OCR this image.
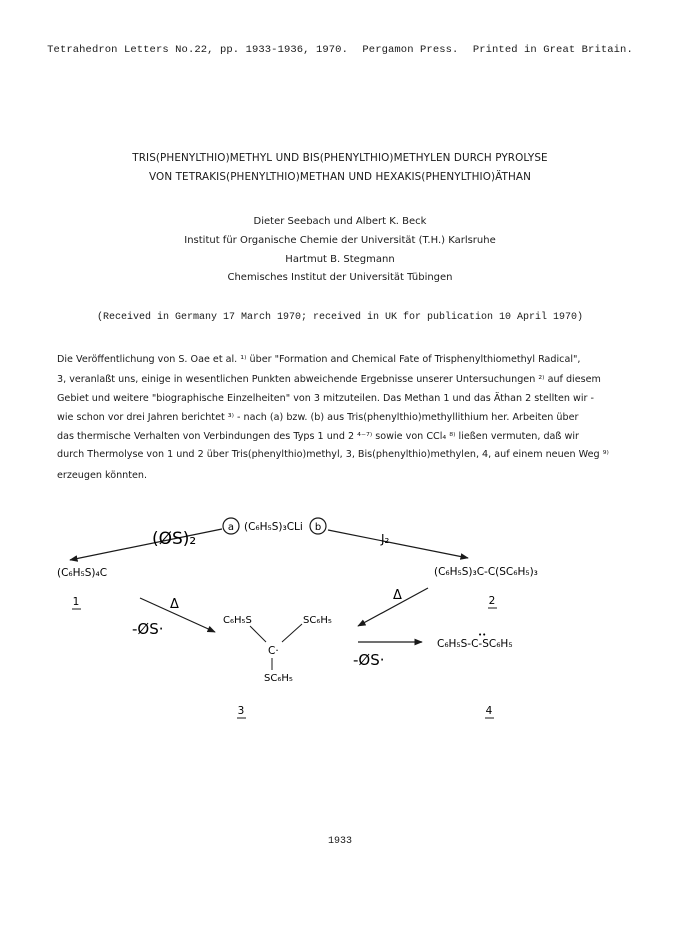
Tetrahedron Letters No.22, pp. 1933-1936, 1970. Pergamon Press. Printed in Great Britain.
TRIS(PHENYLTHIO)METHYL UND BIS(PHENYLTHIO)METHYLEN DURCH PYROLYSE
VON TETRAKIS(PHENYLTHIO)METHAN UND HEXAKIS(PHENYLTHIO)ÄTHAN
Dieter Seebach und Albert K. Beck
Institut für Organische Chemie der Universität (T.H.) Karlsruhe
Hartmut B. Stegmann
Chemisches Institut der Universität Tübingen
(Received in Germany 17 March 1970; received in UK for publication 10 April 1970)
Die Veröffentlichung von S. Oae et al. ¹⁾ über "Formation and Chemical Fate of Trisphenylthiomethyl Radical",
3, veranlaßt uns, einige in wesentlichen Punkten abweichende Ergebnisse unserer Untersuchungen ²⁾ auf diesem
Gebiet und weitere "biographische Einzelheiten" von 3 mitzuteilen. Das Methan 1 und das Äthan 2 stellten wir -
wie schon vor drei Jahren berichtet ³⁾ - nach (a) bzw. (b) aus Tris(phenylthio)methyllithium her. Arbeiten über
das thermische Verhalten von Verbindungen des Typs 1 und 2 ⁴⁻⁷⁾ sowie von CCl₄ ⁸⁾ ließen vermuten, daß wir
durch Thermolyse von 1 und 2 über Tris(phenylthio)methyl, 3, Bis(phenylthio)methylen, 4, auf einem neuen Weg ⁹⁾
erzeugen könnten.
a (C₆H₅S)₃CLi b
(ØS)₂	J₂
(C₆H₅S)₄C
1
(C₆H₅S)₃C-C(SC₆H₅)₃
2
Δ
-ØS·
Δ
C₆H₅S	SC₆H₅
C·
SC₆H₅
3
-ØS·
C₆H₅S-C-SC₆H₅
••
4
1933
